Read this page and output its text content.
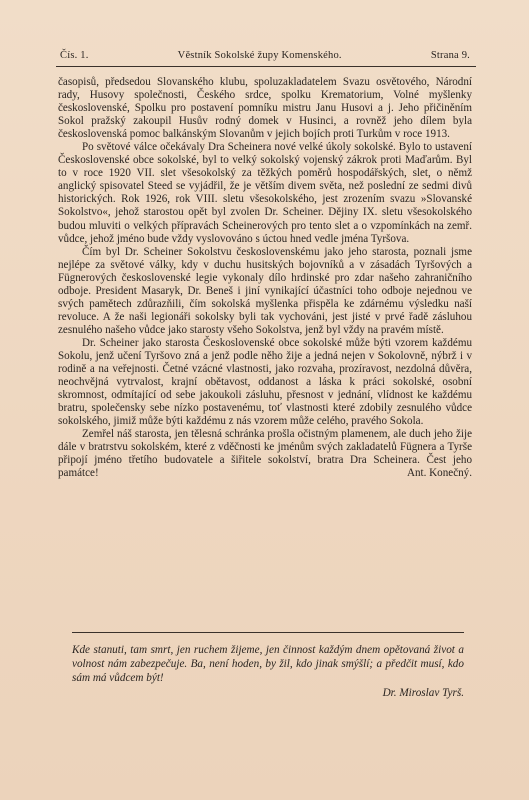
Čís. 1.	Věstník Sokolské župy Komenského.	Strana 9.

časopisů, předsedou Slovanského klubu, spoluzakladatelem Svazu osvětového, Národní rady, Husovy společnosti, Českého srdce, spolku Krematorium, Volné myšlenky československé, Spolku pro postavení pomníku mistru Janu Husovi a j. Jeho přičiněním Sokol pražský zakoupil Husův rodný domek v Husinci, a rovněž jeho dílem byla československá pomoc balkánským Slovanům v jejich bojích proti Turkům v roce 1913.

Po světové válce očekávaly Dra Scheinera nové velké úkoly sokolské. Bylo to ustavení Československé obce sokolské, byl to velký sokolský vojenský zákrok proti Maďarům. Byl to v roce 1920 VII. slet všesokolský za těžkých poměrů hospodářských, slet, o němž anglický spisovatel Steed se vyjádřil, že je větším divem světa, než poslední ze sedmi divů historických. Rok 1926, rok VIII. sletu všesokolského, jest zrozením svazu »Slovanské Sokolstvo«, jehož starostou opět byl zvolen Dr. Scheiner. Dějiny IX. sletu všesokolského budou mluviti o velkých přípravách Scheinerových pro tento slet a o vzpomínkách na zemř. vůdce, jehož jméno bude vždy vyslovováno s úctou hned vedle jména Tyršova.

Čím byl Dr. Scheiner Sokolstvu československému jako jeho starosta, poznali jsme nejlépe za světové války, kdy v duchu husitských bojovníků a v zásadách Tyršových a Fügnerových československé legie vykonaly dílo hrdinské pro zdar našeho zahraničního odboje. President Masaryk, Dr. Beneš i jiní vynikající účastníci toho odboje nejednou ve svých pamětech zdůrazňili, čím sokolská myšlenka přispěla ke zdárnému výsledku naší revoluce. A že naši legionáři sokolsky byli tak vychováni, jest jisté v prvé řadě zásluhou zesnulého našeho vůdce jako starosty všeho Sokolstva, jenž byl vždy na pravém místě.

Dr. Scheiner jako starosta Československé obce sokolské může býti vzorem každému Sokolu, jenž učení Tyršovo zná a jenž podle něho žije a jedná nejen v Sokolovně, nýbrž i v rodině a na veřejnosti. Četné vzácné vlastnosti, jako rozvaha, prozíravost, nezdolná důvěra, neochvějná vytrvalost, krajní obětavost, oddanost a láska k práci sokolské, osobní skromnost, odmítající od sebe jakoukoli zásluhu, přesnost v jednání, vlídnost ke každému bratru, společensky sebe nízko postavenému, toť vlastnosti které zdobily zesnulého vůdce sokolského, jimiž může býti každému z nás vzorem může celého, pravého Sokola.

Zemřel náš starosta, jen tělesná schránka prošla očistným plamenem, ale duch jeho žije dále v bratrstvu sokolském, které z vděčnosti ke jménům svých zakladatelů Fügnera a Tyrše připojí jméno třetího budovatele a šiřitele sokolství, bratra Dra Scheinera. Čest jeho památce!	Ant. Konečný.

Kde stanuti, tam smrt, jen ruchem žijeme, jen činnost každým dnem opětovaná život a volnost nám zabezpečuje. Ba, není hoden, by žil, kdo jinak smýšlí; a předčit musí, kdo sám má vůdcem být!

Dr. Miroslav Tyrš.
